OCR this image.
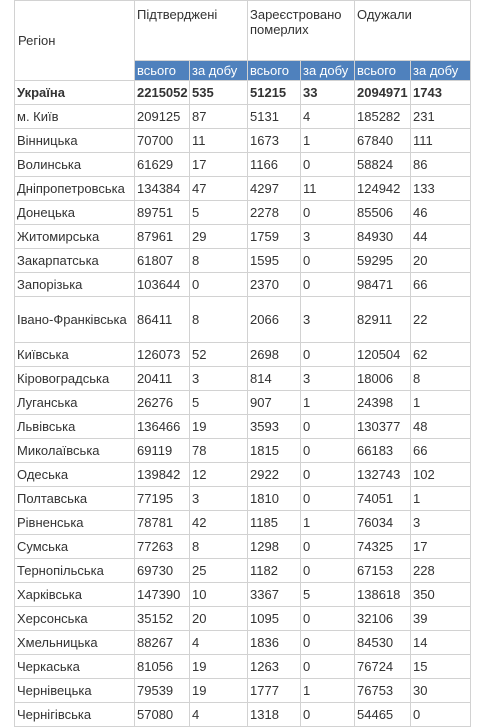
Регіон	Підтверджені		Зареєстровано померлих		Одужали	
	всього	за добу	всього	за добу	всього	за добу
Україна	2215052	535	51215	33	2094971	1743
м. Київ	209125	87	5131	4	185282	231
Вінницька	70700	11	1673	1	67840	111
Волинська	61629	17	1166	0	58824	86
Дніпропетровська	134384	47	4297	11	124942	133
Донецька	89751	5	2278	0	85506	46
Житомирська	87961	29	1759	3	84930	44
Закарпатська	61807	8	1595	0	59295	20
Запорізька	103644	0	2370	0	98471	66
Івано-Франківська	86411	8	2066	3	82911	22
Київська	126073	52	2698	0	120504	62
Кіровоградська	20411	3	814	3	18006	8
Луганська	26276	5	907	1	24398	1
Львівська	136466	19	3593	0	130377	48
Миколаївська	69119	78	1815	0	66183	66
Одеська	139842	12	2922	0	132743	102
Полтавська	77195	3	1810	0	74051	1
Рівненська	78781	42	1185	1	76034	3
Сумська	77263	8	1298	0	74325	17
Тернопільська	69730	25	1182	0	67153	228
Харківська	147390	10	3367	5	138618	350
Херсонська	35152	20	1095	0	32106	39
Хмельницька	88267	4	1836	0	84530	14
Черкаська	81056	19	1263	0	76724	15
Чернівецька	79539	19	1777	1	76753	30
Чернігівська	57080	4	1318	0	54465	0
